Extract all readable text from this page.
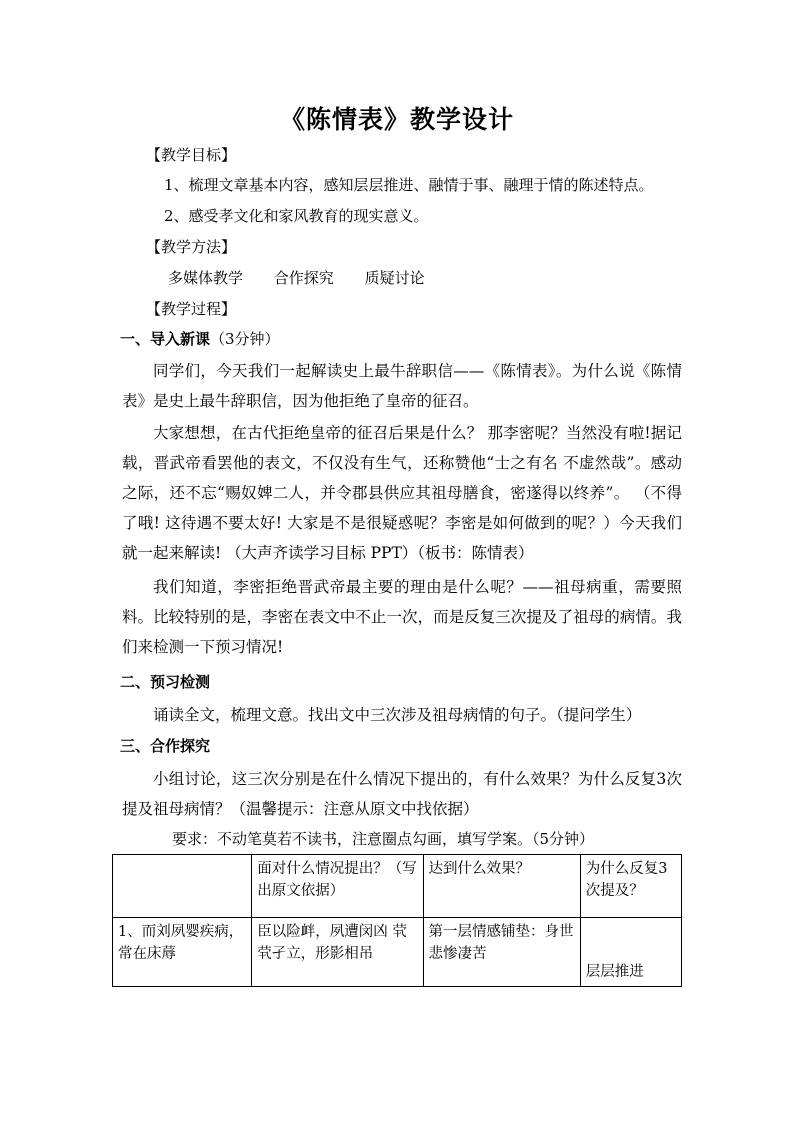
《陈情表》教学设计
【教学目标】
1、梳理文章基本内容，感知层层推进、融情于事、融理于情的陈述特点。
2、感受孝文化和家风教育的现实意义。
【教学方法】
多媒体教学 合作探究 质疑讨论
【教学过程】
一、导入新课（3分钟）
同学们，今天我们一起解读史上最牛辞职信——《陈情表》。为什么说《陈情表》是史上最牛辞职信，因为他拒绝了皇帝的征召。
大家想想，在古代拒绝皇帝的征召后果是什么？ 那李密呢？当然没有啦!据记载，晋武帝看罢他的表文，不仅没有生气，还称赞他“士之有名 不虚然哉”。感动之际，还不忘“赐奴婢二人，并令郡县供应其祖母膳食，密遂得以终养”。 （不得了哦! 这待遇不要太好! 大家是不是很疑惑呢？李密是如何做到的呢？）今天我们就一起来解读! （大声齐读学习目标 PPT）（板书：陈情表）
我们知道，李密拒绝晋武帝最主要的理由是什么呢？——祖母病重，需要照料。比较特别的是，李密在表文中不止一次，而是反复三次提及了祖母的病情。我们来检测一下预习情况!
二、预习检测
诵读全文，梳理文意。找出文中三次涉及祖母病情的句子。（提问学生）
三、合作探究
小组讨论，这三次分别是在什么情况下提出的，有什么效果？为什么反复3次提及祖母病情？（温馨提示：注意从原文中找依据）
要求：不动笔莫若不读书，注意圈点勾画，填写学案。（5分钟）
	面对什么情况提出？（写出原文依据）	达到什么效果？	为什么反复3次提及？
1、而刘夙婴疾病，常在床蓐	臣以险衅，夙遭闵凶 茕茕孑立，形影相吊	第一层情感铺垫：身世悲惨凄苦	层层推进
